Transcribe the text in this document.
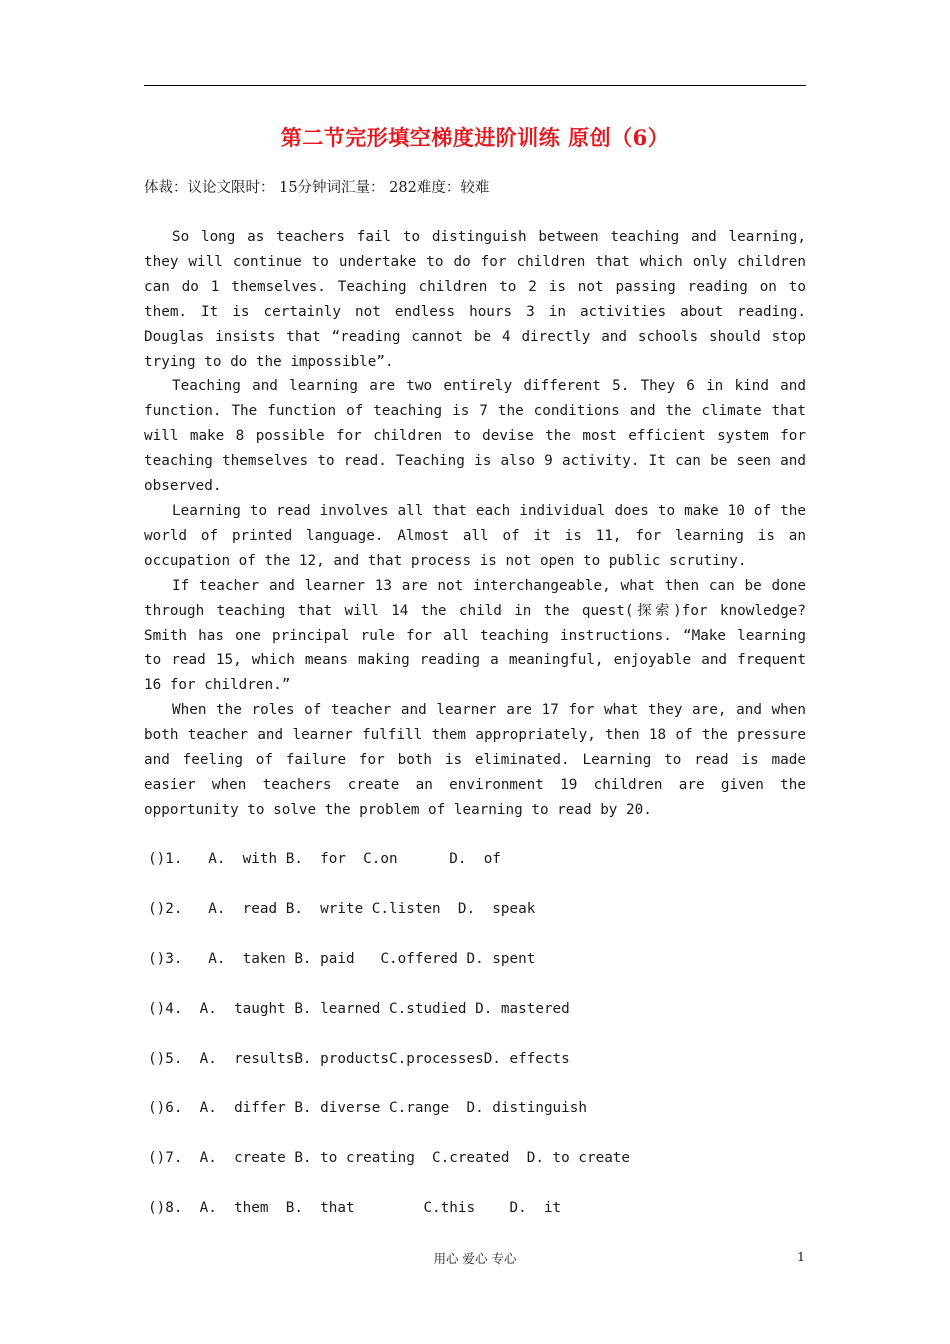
第二节完形填空梯度进阶训练 原创（6）
体裁：议论文限时： 15分钟词汇量： 282难度：较难

So long as teachers fail to distinguish between teaching and learning, they will continue to undertake to do for children that which only children can do 1 themselves. Teaching children to 2 is not passing reading on to them. It is certainly not endless hours 3 in activities about reading. Douglas insists that “reading cannot be 4 directly and schools should stop trying to do the impossible”.

Teaching and learning are two entirely different 5. They 6 in kind and function. The function of teaching is 7 the conditions and the climate that will make 8 possible for children to devise the most efficient system for teaching themselves to read. Teaching is also 9 activity. It can be seen and observed.

Learning to read involves all that each individual does to make 10 of the world of printed language. Almost all of it is 11, for learning is an occupation of the 12, and that process is not open to public scrutiny.

If teacher and learner 13 are not interchangeable, what then can be done through teaching that will 14 the child in the quest(探索)for knowledge? Smith has one principal rule for all teaching instructions. “Make learning to read 15, which means making reading a meaningful, enjoyable and frequent 16 for children.”

When the roles of teacher and learner are 17 for what they are, and when both teacher and learner fulfill them appropriately, then 18 of the pressure and feeling of failure for both is eliminated. Learning to read is made easier when teachers create an environment 19 children are given the opportunity to solve the problem of learning to read by 20.

()1.   A.  with B.  for  C.on      D.  of
()2.   A.  read B.  write C.listen  D.  speak
()3.   A.  taken B. paid   C.offered D. spent
()4.  A.  taught B. learned C.studied D. mastered
()5.  A.  resultsB. productsC.processesD. effects
()6.  A.  differ B. diverse C.range  D. distinguish
()7.  A.  create B. to creating  C.created  D. to create
()8.  A.  them  B.  that        C.this    D.  it
用心 爱心 专心	1
